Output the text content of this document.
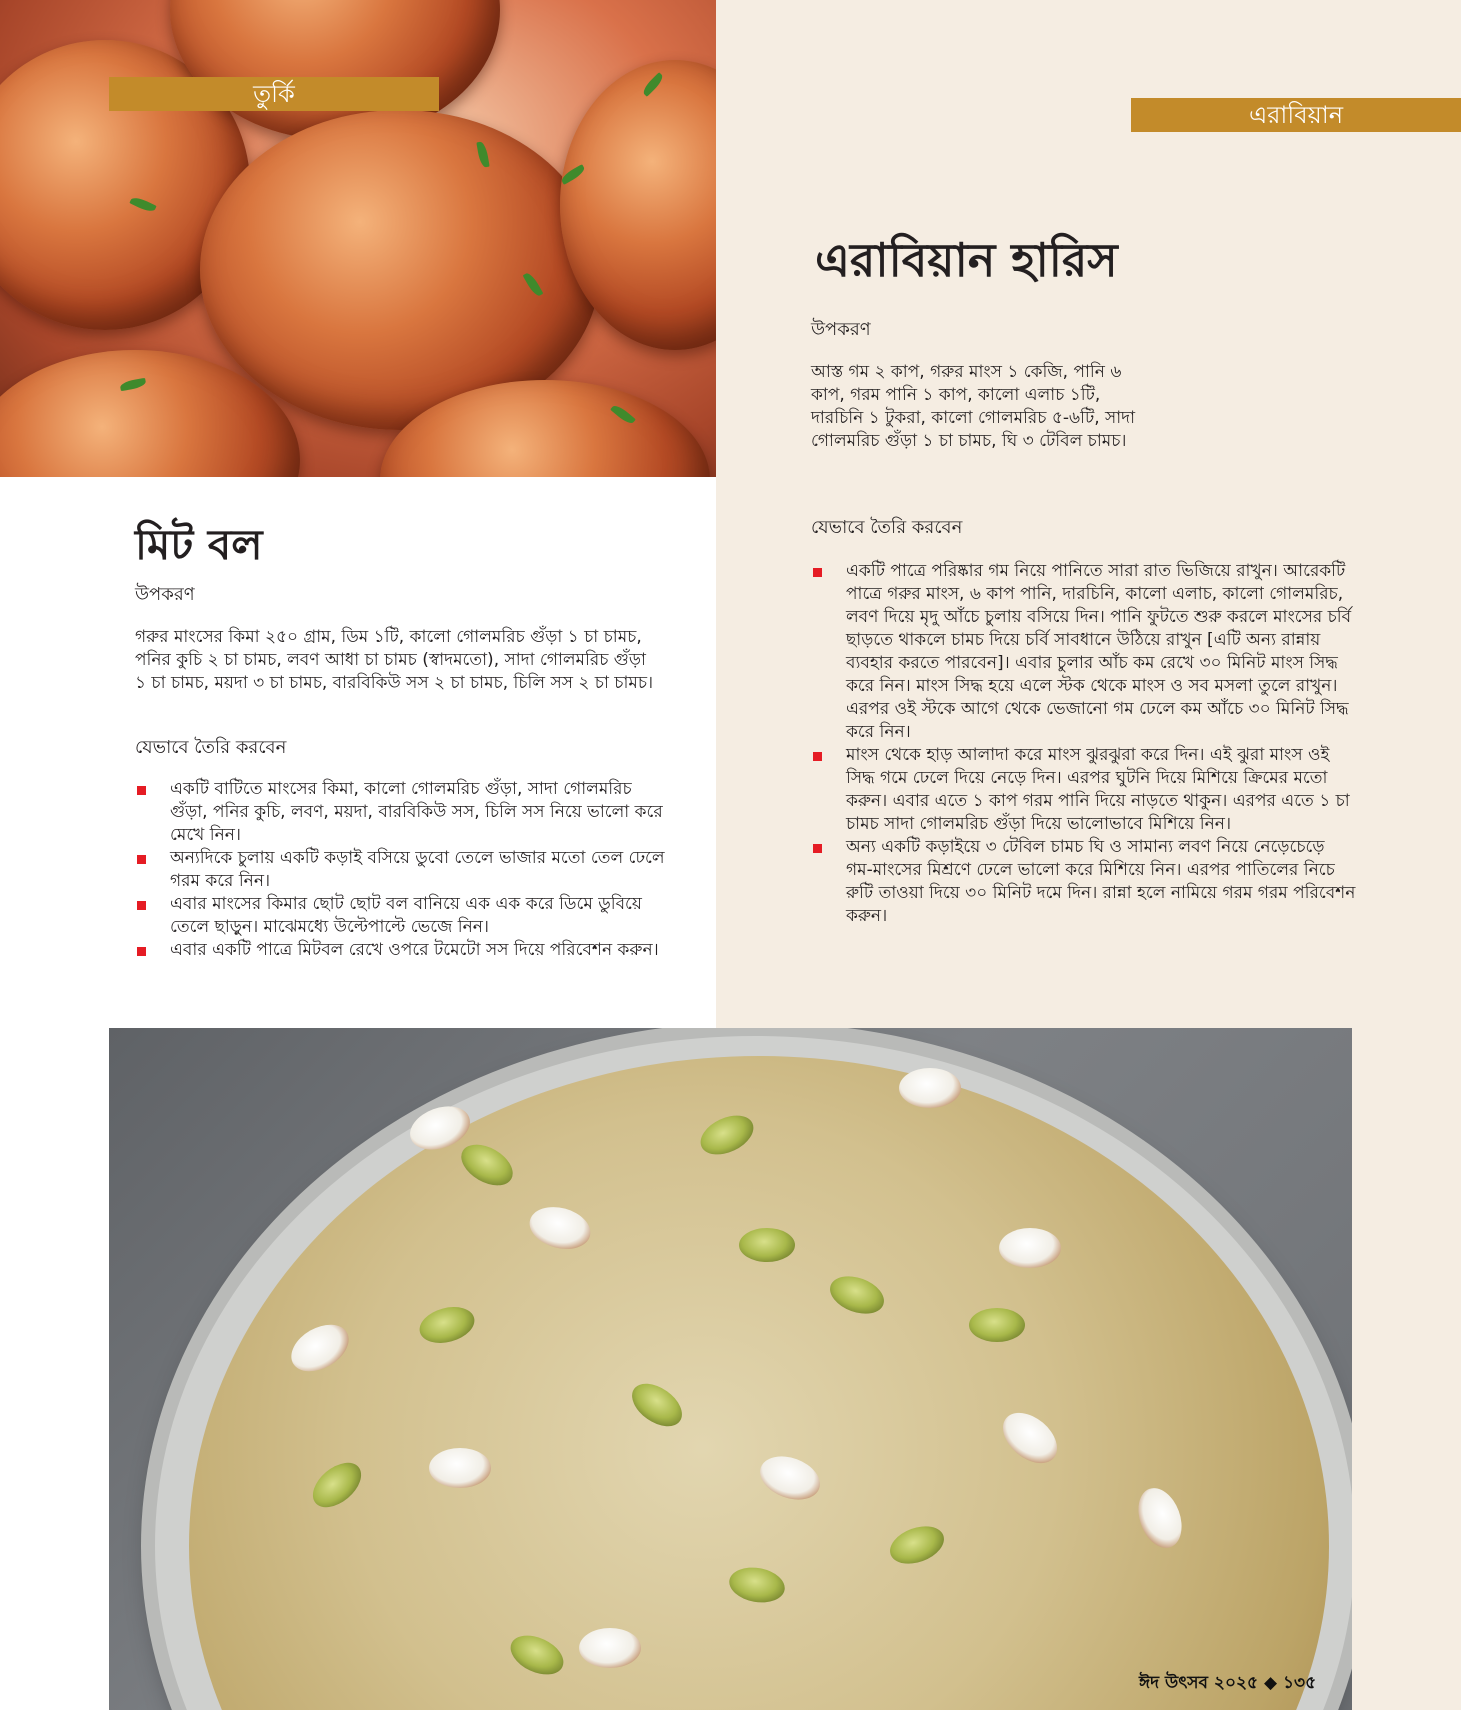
তুর্কি
এরাবিয়ান
এরাবিয়ান হারিস
উপকরণ
আস্ত গম ২ কাপ, গরুর মাংস ১ কেজি, পানি ৬ কাপ, গরম পানি ১ কাপ, কালো এলাচ ১টি, দারচিনি ১ টুকরা, কালো গোলমরিচ ৫-৬টি, সাদা গোলমরিচ গুঁড়া ১ চা চামচ, ঘি ৩ টেবিল চামচ।
যেভাবে তৈরি করবেন
একটি পাত্রে পরিষ্কার গম নিয়ে পানিতে সারা রাত ভিজিয়ে রাখুন। আরেকটি পাত্রে গরুর মাংস, ৬ কাপ পানি, দারচিনি, কালো এলাচ, কালো গোলমরিচ, লবণ দিয়ে মৃদু আঁচে চুলায় বসিয়ে দিন। পানি ফুটতে শুরু করলে মাংসের চর্বি ছাড়তে থাকলে চামচ দিয়ে চর্বি সাবধানে উঠিয়ে রাখুন [এটি অন্য রান্নায় ব্যবহার করতে পারবেন]। এবার চুলার আঁচ কম রেখে ৩০ মিনিট মাংস সিদ্ধ করে নিন। মাংস সিদ্ধ হয়ে এলে স্টক থেকে মাংস ও সব মসলা তুলে রাখুন। এরপর ওই স্টকে আগে থেকে ভেজানো গম ঢেলে কম আঁচে ৩০ মিনিট সিদ্ধ করে নিন।
মাংস থেকে হাড় আলাদা করে মাংস ঝুরঝুরা করে দিন। এই ঝুরা মাংস ওই সিদ্ধ গমে ঢেলে দিয়ে নেড়ে দিন। এরপর ঘুটনি দিয়ে মিশিয়ে ক্রিমের মতো করুন। এবার এতে ১ কাপ গরম পানি দিয়ে নাড়তে থাকুন। এরপর এতে ১ চা চামচ সাদা গোলমরিচ গুঁড়া দিয়ে ভালোভাবে মিশিয়ে নিন।
অন্য একটি কড়াইয়ে ৩ টেবিল চামচ ঘি ও সামান্য লবণ নিয়ে নেড়েচেড়ে গম-মাংসের মিশ্রণে ঢেলে ভালো করে মিশিয়ে নিন। এরপর পাতিলের নিচে রুটি তাওয়া দিয়ে ৩০ মিনিট দমে দিন। রান্না হলে নামিয়ে গরম গরম পরিবেশন করুন।
মিট বল
উপকরণ
গরুর মাংসের কিমা ২৫০ গ্রাম, ডিম ১টি, কালো গোলমরিচ গুঁড়া ১ চা চামচ, পনির কুচি ২ চা চামচ, লবণ আধা চা চামচ (স্বাদমতো), সাদা গোলমরিচ গুঁড়া ১ চা চামচ, ময়দা ৩ চা চামচ, বারবিকিউ সস ২ চা চামচ, চিলি সস ২ চা চামচ।
যেভাবে তৈরি করবেন
একটি বাটিতে মাংসের কিমা, কালো গোলমরিচ গুঁড়া, সাদা গোলমরিচ গুঁড়া, পনির কুচি, লবণ, ময়দা, বারবিকিউ সস, চিলি সস নিয়ে ভালো করে মেখে নিন।
অন্যদিকে চুলায় একটি কড়াই বসিয়ে ডুবো তেলে ভাজার মতো তেল ঢেলে গরম করে নিন।
এবার মাংসের কিমার ছোট ছোট বল বানিয়ে এক এক করে ডিমে ডুবিয়ে তেলে ছাড়ুন। মাঝেমধ্যে উল্টেপাল্টে ভেজে নিন।
এবার একটি পাত্রে মিটবল রেখে ওপরে টমেটো সস দিয়ে পরিবেশন করুন।
ঈদ উৎসব ২০২৫ ◆ ১৩৫
